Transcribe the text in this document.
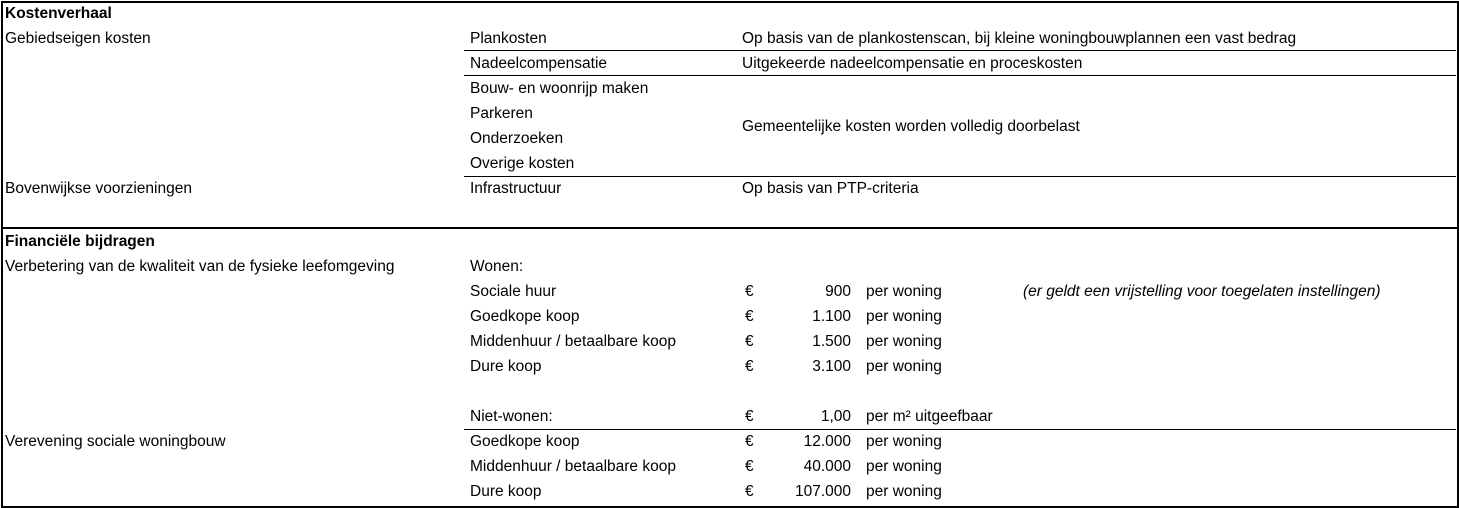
Kostenverhaal
Gebiedseigen kosten	Plankosten	Op basis van de plankostenscan, bij kleine woningbouwplannen een vast bedrag
Nadeelcompensatie	Uitgekeerde nadeelcompensatie en proceskosten
Bouw- en woonrijp maken
Parkeren
Onderzoeken
Overige kosten
Gemeentelijke kosten worden volledig doorbelast
Bovenwijkse voorzieningen	Infrastructuur	Op basis van PTP-criteria
Financiële bijdragen
Verbetering van de kwaliteit van de fysieke leefomgeving	Wonen:
Sociale huur	€	900 per woning	(er geldt een vrijstelling voor toegelaten instellingen)
Goedkope koop	€	1.100 per woning
Middenhuur / betaalbare koop	€	1.500 per woning
Dure koop	€	3.100 per woning
Niet-wonen:	€	1,00 per m² uitgeefbaar
Verevening sociale woningbouw	Goedkope koop	€	12.000 per woning
Middenhuur / betaalbare koop	€	40.000 per woning
Dure koop	€	107.000 per woning
